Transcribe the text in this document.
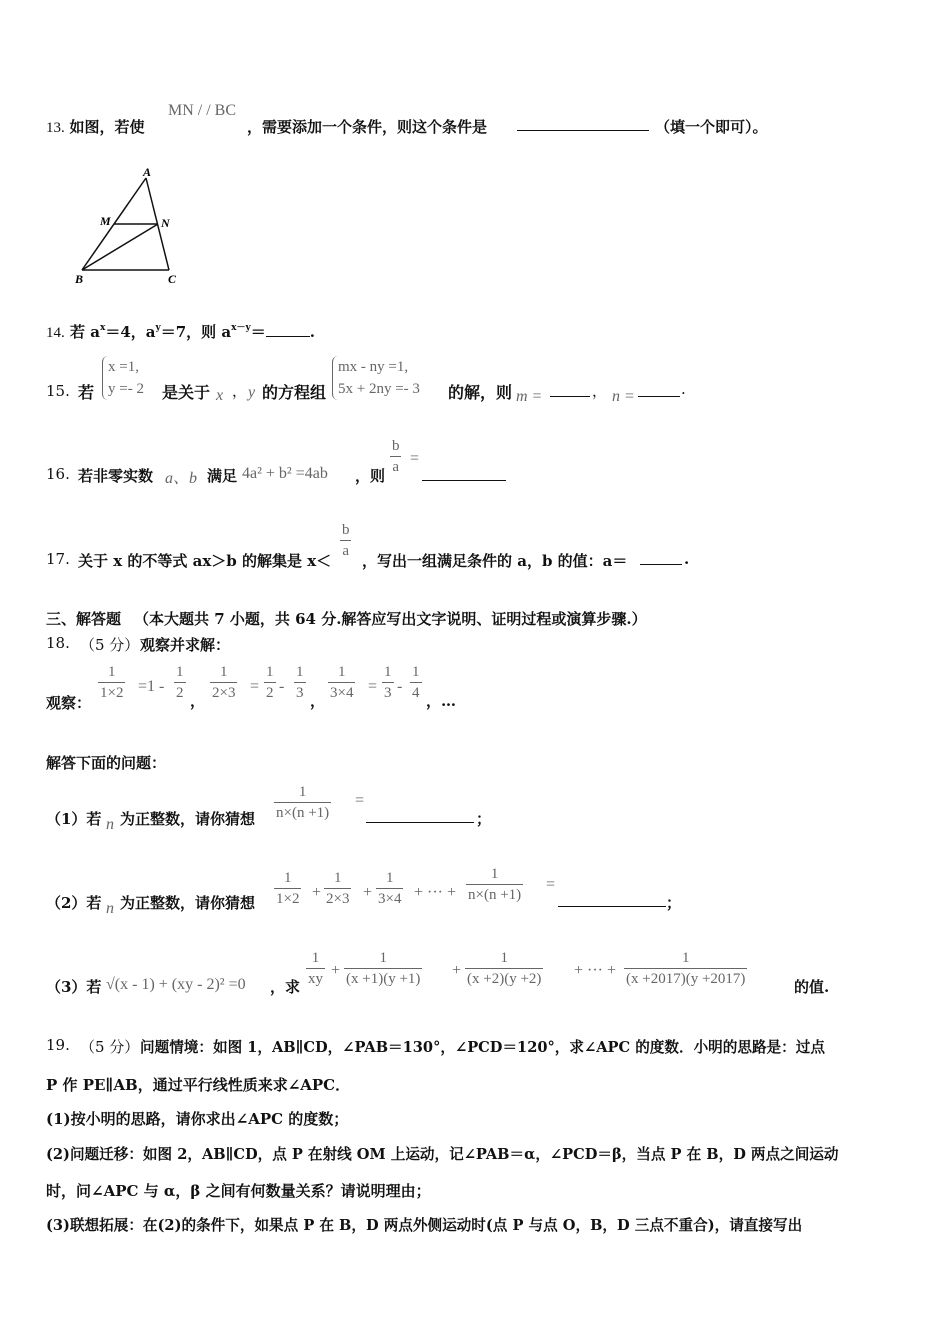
13. 如图，若使
MN / / BC
，需要添加一个条件，则这个条件是	（填一个即可）。
A
M	N
B	C
14. 若 $a^x=4$，$a^y=7$，则 $a^{x-y}=$	.
15. 若
x =1,
y =- 2 是关于 x ， y 的方程组
mx - ny =1,
5x + 2ny =- 3 的解，则 m =	， n =	.
16. 若非零实数 a、b 满足 4a² + b² =4ab ，则 $\frac{b}{a}$ =
17. 关于 x 的不等式 ax＞b 的解集是 x＜
$\frac{b}{a}$
，写出一组满足条件的 a，b 的值：a＝	.
三、解答题 （本大题共 7 小题，共 64 分.解答应写出文字说明、证明过程或演算步骤.）
18. （5 分） 观察并求解：
观察：
$\frac{1}{1\times 2} =1 - \frac{1}{2}$ ， $\frac{1}{2\times 3} = \frac{1}{2} - \frac{1}{3}$ ， $\frac{1}{3\times 4} = \frac{1}{3} - \frac{1}{4}$ ，…
解答下面的问题：
（1）若 n 为正整数，请你猜想 $\frac{1}{n\times(n +1)}$ =
；
（2）若 n 为正整数，请你猜想 $\frac{1}{1\times 2} + \frac{1}{2\times 3} + \frac{1}{3\times 4}$ + ··· + $\frac{1}{n\times(n +1)}$ =
；
（3）若 √(x - 1) + (xy - 2)² =0 ，求 $\frac{1}{xy} + \frac{1}{(x +1)(y +1)} + \frac{1}{(x +2)(y +2)}$ + ··· + $\frac{1}{(x +2017)(y +2017)}$	的值.
19. （5 分） 问题情境：如图 1，AB∥CD，∠PAB＝130°，∠PCD＝120°，求∠APC 的度数．小明的思路是：过点
P 作 PE∥AB，通过平行线性质来求∠APC．
(1)按小明的思路，请你求出∠APC 的度数；
(2)问题迁移：如图 2，AB∥CD，点 P 在射线 OM 上运动，记∠PAB＝α，∠PCD＝β，当点 P 在 B，D 两点之间运动
时，问∠APC 与 α，β 之间有何数量关系？请说明理由；
(3)联想拓展：在(2)的条件下，如果点 P 在 B，D 两点外侧运动时(点 P 与点 O，B，D 三点不重合)，请直接写出
